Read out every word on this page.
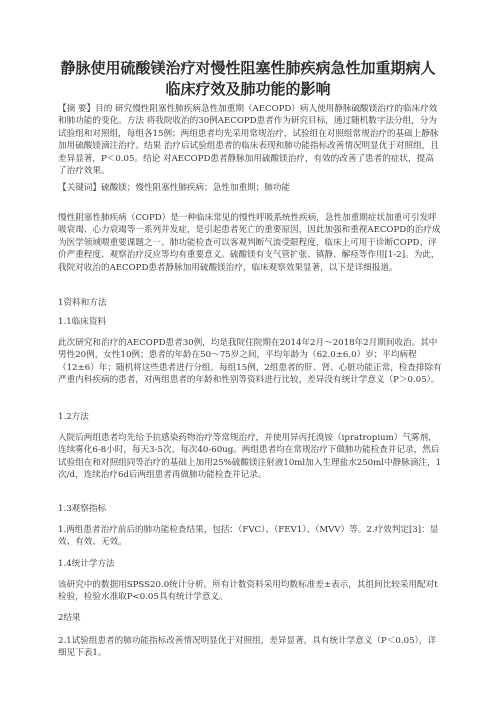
静脉使用硫酸镁治疗对慢性阻塞性肺疾病急性加重期病人临床疗效及肺功能的影响
【摘 要】目的 研究慢性阻塞性肺疾病急性加重期（AECOPD）病人使用静脉硫酸镁治疗的临床疗效和肺功能的变化。方法 将我院收治的30例AECOPD患者作为研究目标，通过随机数字法分组，分为试验组和对照组，每组各15例；两组患者均先采用常规治疗，试验组在对照组常规治疗的基础上静脉加用硫酸镁滴注治疗。结果 治疗后试验组患者的临床表现和肺功能指标改善情况明显优于对照组，且差异显著，P＜0.05。结论 对AECOPD患者静脉加用硫酸镁治疗，有效的改善了患者的症状，提高了治疗效果。
【关键词】硫酸镁；慢性阻塞性肺疾病；急性加重期；肺功能
慢性阻塞性肺疾病（COPD）是一种临床常见的慢性呼吸系统性疾病，急性加重期症状加重可引发呼吸衰竭、心力衰竭等一系列并发症，是引起患者死亡的重要原因，因此加强和重视AECOPD的治疗成为医学领域喂重要课题之一。肺功能检查可以客观判断气流受限程度，临床上可用于诊断COPD、评价严重程度、观察治疗反应等均有重要意义。硫酸镁有支气管扩张、镇静、解痉等作用[1-2]。为此，我院对收治的AECOPD患者静脉加用硫酸镁治疗，临床观察效果显著，以下是详细报道。
1资料和方法
1.1临床资料
此次研究和治疗的AECOPD患者30例，均是我院住院期在2014年2月～2018年2月期间收治。其中男性20例，女性10例；患者的年龄在50～75岁之间，平均年龄为（62.0±6.0）岁；平均病程（12±6）年；随机将这些患者进行分组，每组15例，2组患者的肝、肾、心脏功能正常，检查排除有严重内科疾病的患者，对两组患者的年龄和性别等资料进行比较，差异没有统计学意义（P＞0.05）。
1.2方法
入院后两组患者均先给予抗感染药物治疗等常规治疗，并使用异丙托溴铵（ipratropium）气雾剂，连续雾化6-8小时，每天3-5次，每次40-60ug。两组患者均在常规治疗下做肺功能检查并记录，然后试验组在和对照组同等治疗的基础上加用25%硫酸镁注射液10ml加入生理盐水250ml中静脉滴注，1次/d，连续治疗6d后两组患者再做肺功能检查并记录。
1.3观察指标
1.两组患者治疗前后的肺功能检查结果，包括：（FVC）、（FEV1）、（MVV）等。2.疗效判定[3]：显效、有效、无效。
1.4统计学方法
该研究中的数据用SPSS20.0统计分析，所有计数资料采用均数标准差±表示，其组间比较采用配对t检验，检验水准取P<0.05具有统计学意义。
2结果
2.1试验组患者的肺功能指标改善情况明显优于对照组，差异显著，具有统计学意义（P＜0.05），详细见下表1。
